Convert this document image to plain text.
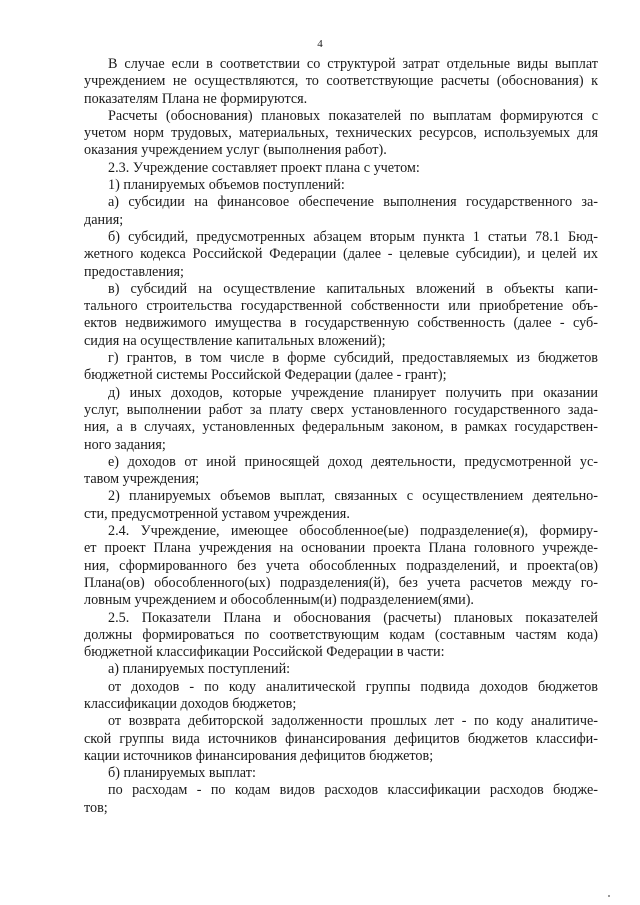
4
В случае если в соответствии со структурой затрат отдельные виды выплат
учреждением не осуществляются, то соответствующие расчеты (обоснования) к
показателям Плана не формируются.
Расчеты (обоснования) плановых показателей по выплатам формируются с
учетом норм трудовых, материальных, технических ресурсов, используемых для
оказания учреждением услуг (выполнения работ).
2.3. Учреждение составляет проект плана с учетом:
1) планируемых объемов поступлений:
а) субсидии на финансовое обеспечение выполнения государственного за-
дания;
б) субсидий, предусмотренных абзацем вторым пункта 1 статьи 78.1 Бюд-
жетного кодекса Российской Федерации (далее - целевые субсидии), и целей их
предоставления;
в) субсидий на осуществление капитальных вложений в объекты капи-
тального строительства государственной собственности или приобретение объ-
ектов недвижимого имущества в государственную собственность (далее - суб-
сидия на осуществление капитальных вложений);
г) грантов, в том числе в форме субсидий, предоставляемых из бюджетов
бюджетной системы Российской Федерации (далее - грант);
д) иных доходов, которые учреждение планирует получить при оказании
услуг, выполнении работ за плату сверх установленного государственного зада-
ния, а в случаях, установленных федеральным законом, в рамках государствен-
ного задания;
е) доходов от иной приносящей доход деятельности, предусмотренной ус-
тавом учреждения;
2) планируемых объемов выплат, связанных с осуществлением деятельно-
сти, предусмотренной уставом учреждения.
2.4. Учреждение, имеющее обособленное(ые) подразделение(я), формиру-
ет проект Плана учреждения на основании проекта Плана головного учрежде-
ния, сформированного без учета обособленных подразделений, и проекта(ов)
Плана(ов) обособленного(ых) подразделения(й), без учета расчетов между го-
ловным учреждением и обособленным(и) подразделением(ями).
2.5. Показатели Плана и обоснования (расчеты) плановых показателей
должны формироваться по соответствующим кодам (составным частям кода)
бюджетной классификации Российской Федерации в части:
а) планируемых поступлений:
от доходов - по коду аналитической группы подвида доходов бюджетов
классификации доходов бюджетов;
от возврата дебиторской задолженности прошлых лет - по коду аналитиче-
ской группы вида источников финансирования дефицитов бюджетов классифи-
кации источников финансирования дефицитов бюджетов;
б) планируемых выплат:
по расходам - по кодам видов расходов классификации расходов бюдже-
тов;
